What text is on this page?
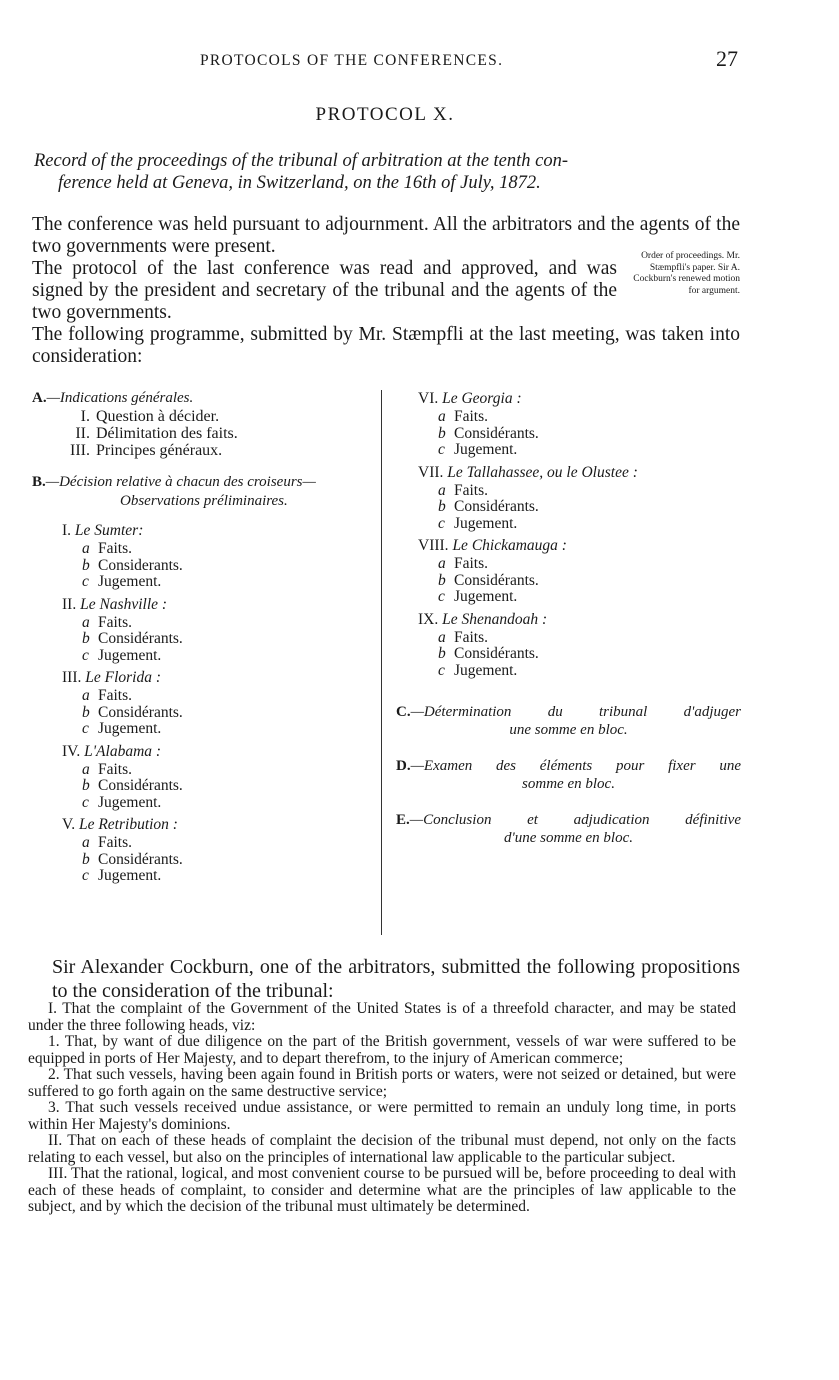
PROTOCOLS OF THE CONFERENCES.	27
PROTOCOL X.
Record of the proceedings of the tribunal of arbitration at the tenth con-
ference held at Geneva, in Switzerland, on the 16th of July, 1872.
The conference was held pursuant to adjournment. All the arbitrators and the agents of the two governments were present.
The protocol of the last conference was read and approved, and was signed by the president and secretary of the tribunal and the agents of the two governments.
Order of proceedings. Mr. Stæmpfli's paper. Sir A. Cockburn's renewed motion for argument.
The following programme, submitted by Mr. Stæmpfli at the last meeting, was taken into consideration:
A.—Indications générales.
I. Question à décider.
II. Délimitation des faits.
III. Principes généraux.
B.—Décision relative à chacun des croiseurs—
Observations préliminaires.
I. Le Sumter:
a Faits.
b Considerants.
c Jugement.
II. Le Nashville :
a Faits.
b Considérants.
c Jugement.
III. Le Florida :
a Faits.
b Considérants.
c Jugement.
IV. L'Alabama :
a Faits.
b Considérants.
c Jugement.
V. Le Retribution :
a Faits.
b Considérants.
c Jugement.
VI. Le Georgia :
a Faits.
b Considérants.
c Jugement.
VII. Le Tallahassee, ou le Olustee :
a Faits.
b Considérants.
c Jugement.
VIII. Le Chickamauga :
a Faits.
b Considérants.
c Jugement.
IX. Le Shenandoah :
a Faits.
b Considérants.
c Jugement.
C.—Détermination du tribunal d'adjuger
une somme en bloc.
D.—Examen des éléments pour fixer une
somme en bloc.
E.—Conclusion et adjudication définitive
d'une somme en bloc.
Sir Alexander Cockburn, one of the arbitrators, submitted the following propositions to the consideration of the tribunal:

I. That the complaint of the Government of the United States is of a threefold character, and may be stated under the three following heads, viz:

1. That, by want of due diligence on the part of the British government, vessels of war were suffered to be equipped in ports of Her Majesty, and to depart therefrom, to the injury of American commerce;

2. That such vessels, having been again found in British ports or waters, were not seized or detained, but were suffered to go forth again on the same destructive service;

3. That such vessels received undue assistance, or were permitted to remain an unduly long time, in ports within Her Majesty's dominions.

II. That on each of these heads of complaint the decision of the tribunal must depend, not only on the facts relating to each vessel, but also on the principles of international law applicable to the particular subject.

III. That the rational, logical, and most convenient course to be pursued will be, before proceeding to deal with each of these heads of complaint, to consider and determine what are the principles of law applicable to the subject, and by which the decision of the tribunal must ultimately be determined.
